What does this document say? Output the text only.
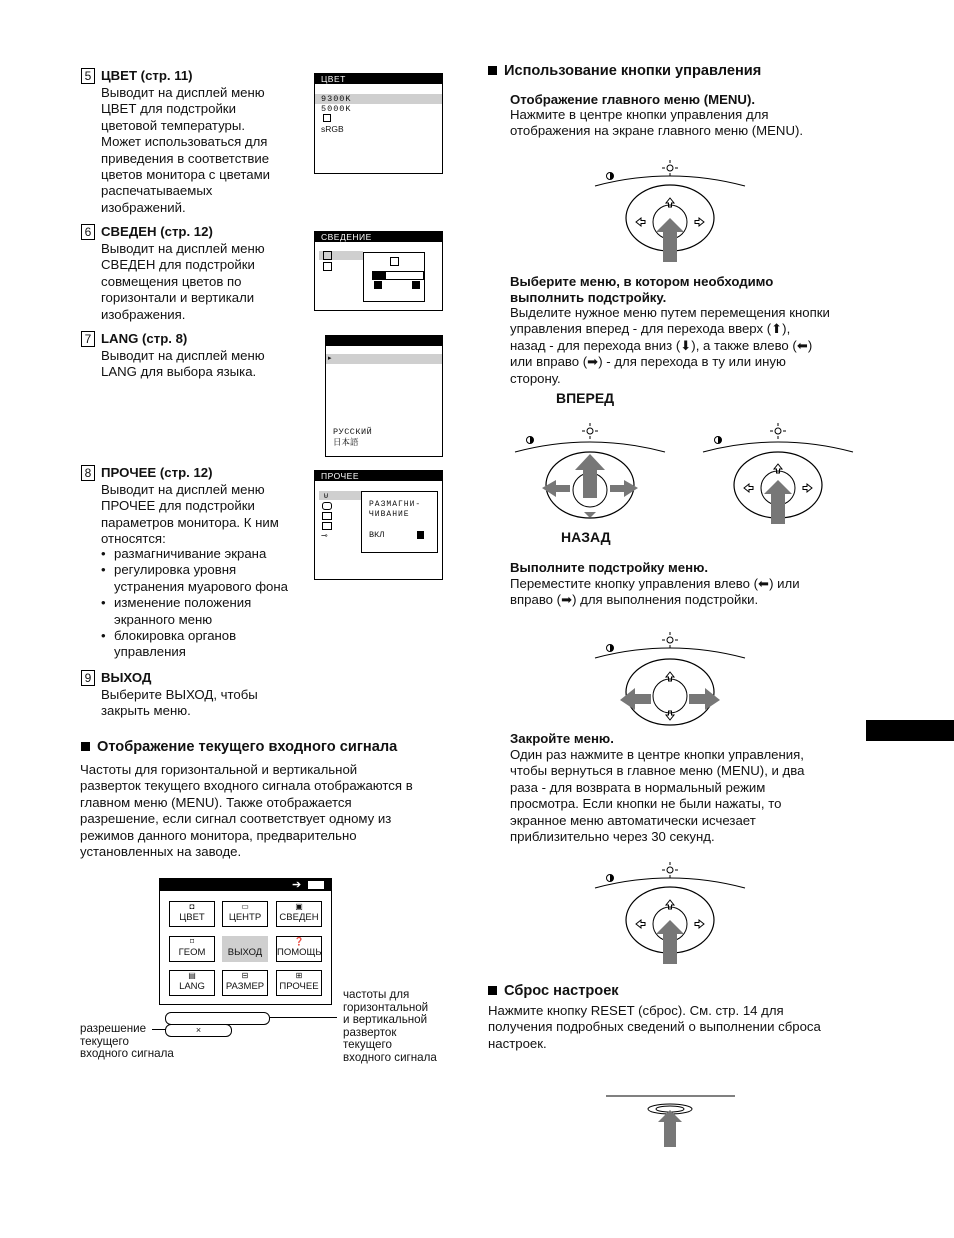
5 ЦВЕТ (стр. 11)
Выводит на дисплей меню
ЦВЕТ для подстройки
цветовой температуры.
Может использоваться для
приведения в соответствие
цветов монитора с цветами
распечатываемых
изображений.
6 СВЕДЕН (стр. 12)
Выводит на дисплей меню
СВЕДЕН для подстройки
совмещения цветов по
горизонтали и вертикали
изображения.
7 LANG (стр. 8)
Выводит на дисплей меню
LANG для выбора языка.
8 ПРОЧЕЕ (стр. 12)
Выводит на дисплей меню
ПРОЧЕЕ для подстройки
параметров монитора. К ним
относятся:
• размагничивание экрана
• регулировка уровня
устранения муарового фона
• изменение положения
экранного меню
• блокировка органов
управления
9 ВЫХОД
Выберите ВЫХОД, чтобы
закрыть меню.
ЦВЕТ
9300K
5000K
sRGB
СВЕДЕНИЕ
▸
РУССКИЙ
日本語
ПРОЧЕЕ
⊍
⊸
РАЗМАГНИ-
ЧИВАНИЕ
ВКЛ
Отображение текущего входного сигнала
Частоты для горизонтальной и вертикальной
разверток текущего входного сигнала отображаются в
главном меню (MENU). Также отображается
разрешение, если сигнал соответствует одному из
режимов данного монитора, предварительно
установленных на заводе.
➔
◘
ЦВЕТ
▭
ЦЕНТР
▣
СВЕДЕН
⌑
ГЕОМ	ВЫХОД
❓
ПОМОЩЬ
▤
LANG
⊟
РАЗМЕР
⊞
ПРОЧЕЕ
×
разрешение
текущего
входного сигнала
частоты для
горизонтальной
и вертикальной
разверток
текущего
входного сигнала
Использование кнопки управления
Отображение главного меню (MENU).
Нажмите в центре кнопки управления для
отображения на экране главного меню (MENU).
Выберите меню, в котором необходимо
выполнить подстройку.
Выделите нужное меню путем перемещения кнопки
управления вперед - для перехода вверх (⬆),
назад - для перехода вниз (⬇), а также влево (⬅)
или вправо (➡) - для перехода в ту или иную
сторону.
ВПЕРЕД
НАЗАД
Выполните подстройку меню.
Переместите кнопку управления влево (⬅) или
вправо (➡) для выполнения подстройки.
Закройте меню.
Один раз нажмите в центре кнопки управления,
чтобы вернуться в главное меню (MENU), и два
раза - для возврата в нормальный режим
просмотра. Если кнопки не были нажаты, то
экранное меню автоматически исчезает
приблизительно через 30 секунд.
Сброс настроек
Нажмите кнопку RESET (сброс). См. стр. 14 для
получения подробных сведений о выполнении сброса
настроек.
